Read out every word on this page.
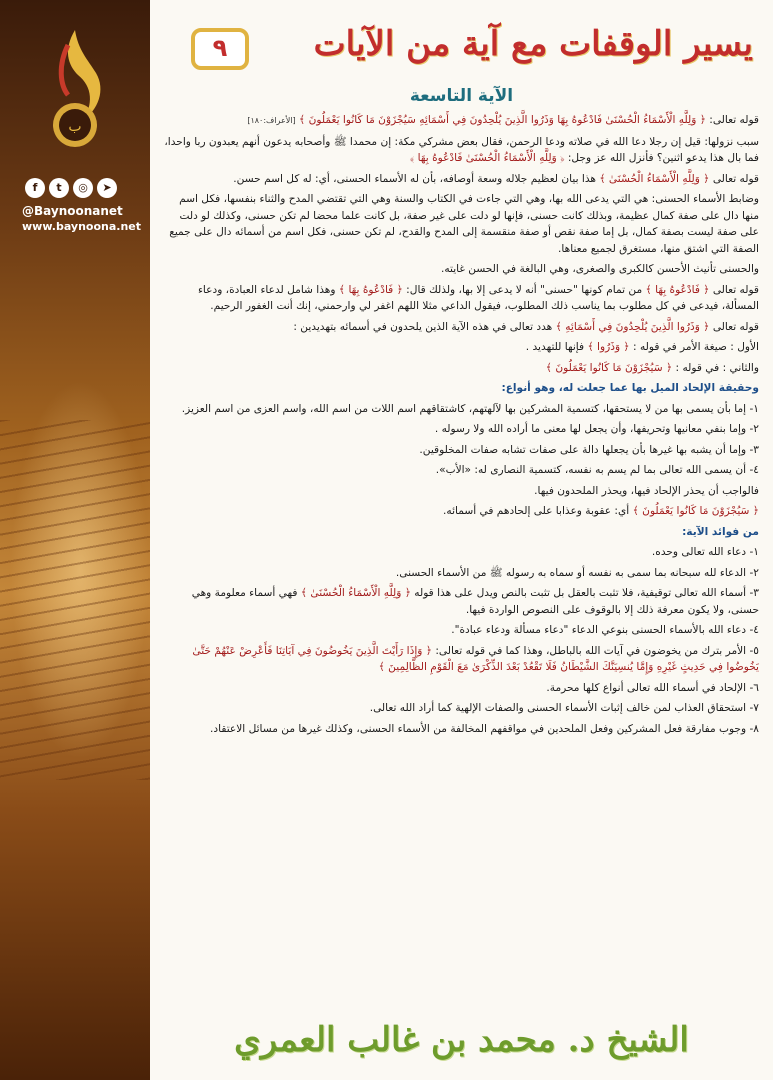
ب
f	t	◎	➤
@Baynoonanet
www.baynoona.net
يسير الوقفات مع آية من الآيات
٩
الآية التاسعة

قوله تعالى: ﴿ وَلِلَّهِ الْأَسْمَاءُ الْحُسْنَىٰ فَادْعُوهُ بِهَا وَذَرُوا الَّذِينَ يُلْحِدُونَ فِي أَسْمَائِهِ سَيُجْزَوْنَ مَا كَانُوا يَعْمَلُونَ ﴾ [الأعراف:١٨٠]

سبب نزولها: قيل إن رجلا دعا الله في صلاته ودعا الرحمن، فقال بعض مشركي مكة: إن محمدا ﷺ وأصحابه يدعون أنهم يعبدون ربا واحدا، فما بال هذا يدعو اثنين؟ فأنزل الله عز وجل: ﴿ وَلِلَّهِ الْأَسْمَاءُ الْحُسْنَىٰ فَادْعُوهُ بِهَا ﴾

قوله تعالى ﴿ وَلِلَّهِ الْأَسْمَاءُ الْحُسْنَىٰ ﴾ هذا بيان لعظيم جلاله وسعة أوصافه، بأن له الأسماء الحسنى، أي: له كل اسم حسن.

وضابط الأسماء الحسنى: هي التي يدعى الله بها، وهي التي جاءت في الكتاب والسنة وهي التي تقتضي المدح والثناء بنفسها، فكل اسم منها دال على صفة كمال عظيمة، وبذلك كانت حسنى، فإنها لو دلت على غير صفة، بل كانت علما محضا لم تكن حسنى، وكذلك لو دلت على صفة ليست بصفة كمال، بل إما صفة نقص أو صفة منقسمة إلى المدح والقدح، لم تكن حسنى، فكل اسم من أسمائه دال على جميع الصفة التي اشتق منها، مستغرق لجميع معناها.

والحسنى تأنيث الأحسن كالكبرى والصغرى، وهي البالغة في الحسن غايته.

قوله تعالى ﴿ فَادْعُوهُ بِهَا ﴾ من تمام كونها "حسنى" أنه لا يدعى إلا بها، ولذلك قال: ﴿ فَادْعُوهُ بِهَا ﴾ وهذا شامل لدعاء العبادة، ودعاء المسألة، فيدعى في كل مطلوب بما يناسب ذلك المطلوب، فيقول الداعي مثلا اللهم اغفر لي وارحمني، إنك أنت الغفور الرحيم.

قوله تعالى ﴿ وَذَرُوا الَّذِينَ يُلْحِدُونَ فِي أَسْمَائِهِ ﴾ هدد تعالى في هذه الآية الذين يلحدون في أسمائه بتهديدين :

الأول : صيغة الأمر في قوله : ﴿ وَذَرُوا ﴾ فإنها للتهديد .

والثاني : في قوله : ﴿ سَيُجْزَوْنَ مَا كَانُوا يَعْمَلُونَ ﴾

وحقيقة الإلحاد الميل بها عما جعلت له، وهو أنواع:

١- إما بأن يسمى بها من لا يستحقها، كتسمية المشركين بها لآلهتهم، كاشتقاقهم اسم اللات من اسم الله، واسم العزى من اسم العزيز.

٢- وإما بنفي معانيها وتحريفها، وأن يجعل لها معنى ما أراده الله ولا رسوله .

٣- وإما أن يشبه بها غيرها بأن يجعلها دالة على صفات تشابه صفات المخلوقين.

٤- أن يسمى الله تعالى بما لم يسم به نفسه، كتسمية النصارى له: «الأب».

فالواجب أن يحذر الإلحاد فيها، ويحذر الملحدون فيها.

﴿ سَيُجْزَوْنَ مَا كَانُوا يَعْمَلُونَ ﴾ أي: عقوبة وعذابا على إلحادهم في أسمائه.

من فوائد الآية:

١- دعاء الله تعالى وحده.

٢- الدعاء لله سبحانه بما سمى به نفسه أو سماه به رسوله ﷺ من الأسماء الحسنى.

٣- أسماء الله تعالى توقيفية، فلا تثبت بالعقل بل تثبت بالنص ويدل على هذا قوله ﴿ وَلِلَّهِ الْأَسْمَاءُ الْحُسْنَىٰ ﴾ فهي أسماء معلومة وهي حسنى، ولا يكون معرفة ذلك إلا بالوقوف على النصوص الواردة فيها.

٤- دعاء الله بالأسماء الحسنى بنوعي الدعاء "دعاء مسألة ودعاء عبادة".

٥- الأمر بترك من يخوضون في آيات الله بالباطل، وهذا كما في قوله تعالى: ﴿ وَإِذَا رَأَيْتَ الَّذِينَ يَخُوضُونَ فِي آيَاتِنَا فَأَعْرِضْ عَنْهُمْ حَتَّىٰ يَخُوضُوا فِي حَدِيثٍ غَيْرِهِ وَإِمَّا يُنسِيَنَّكَ الشَّيْطَانُ فَلَا تَقْعُدْ بَعْدَ الذِّكْرَىٰ مَعَ الْقَوْمِ الظَّالِمِينَ ﴾

٦- الإلحاد في أسماء الله تعالى أنواع كلها محرمة.

٧- استحقاق العذاب لمن خالف إثبات الأسماء الحسنى والصفات الإلهية كما أراد الله تعالى.

٨- وجوب مفارقة فعل المشركين وفعل الملحدين في مواقفهم المخالفة من الأسماء الحسنى، وكذلك غيرها من مسائل الاعتقاد.

الشيخ د. محمد بن غالب العمري
